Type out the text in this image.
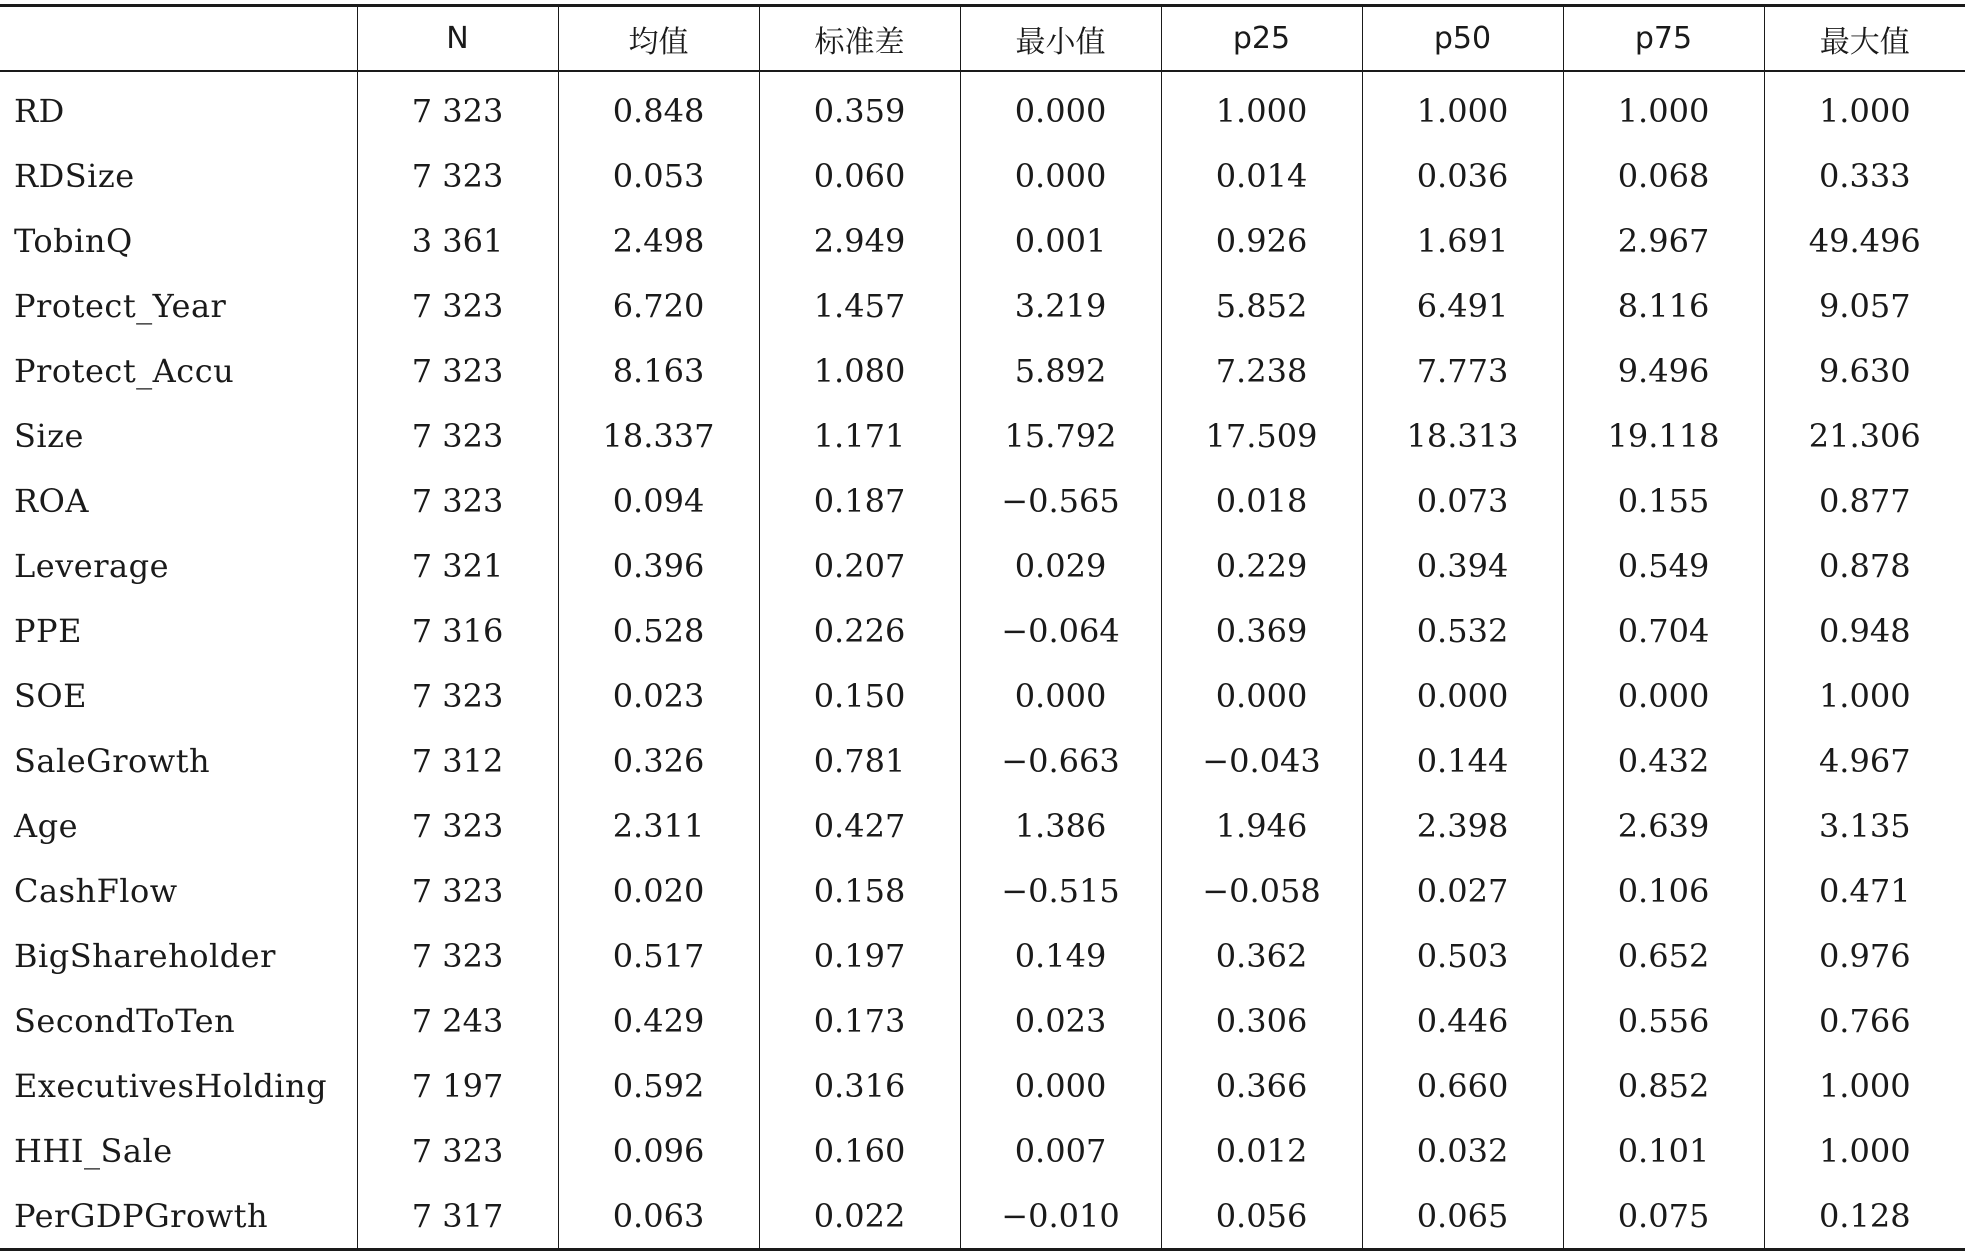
	N	均值	标准差	最小值	p25	p50	p75	最大值
RD	7 323	0.848	0.359	0.000	1.000	1.000	1.000	1.000
RDSize	7 323	0.053	0.060	0.000	0.014	0.036	0.068	0.333
TobinQ	3 361	2.498	2.949	0.001	0.926	1.691	2.967	49.496
Protect_Year	7 323	6.720	1.457	3.219	5.852	6.491	8.116	9.057
Protect_Accu	7 323	8.163	1.080	5.892	7.238	7.773	9.496	9.630
Size	7 323	18.337	1.171	15.792	17.509	18.313	19.118	21.306
ROA	7 323	0.094	0.187	−0.565	0.018	0.073	0.155	0.877
Leverage	7 321	0.396	0.207	0.029	0.229	0.394	0.549	0.878
PPE	7 316	0.528	0.226	−0.064	0.369	0.532	0.704	0.948
SOE	7 323	0.023	0.150	0.000	0.000	0.000	0.000	1.000
SaleGrowth	7 312	0.326	0.781	−0.663	−0.043	0.144	0.432	4.967
Age	7 323	2.311	0.427	1.386	1.946	2.398	2.639	3.135
CashFlow	7 323	0.020	0.158	−0.515	−0.058	0.027	0.106	0.471
BigShareholder	7 323	0.517	0.197	0.149	0.362	0.503	0.652	0.976
SecondToTen	7 243	0.429	0.173	0.023	0.306	0.446	0.556	0.766
ExecutivesHolding	7 197	0.592	0.316	0.000	0.366	0.660	0.852	1.000
HHI_Sale	7 323	0.096	0.160	0.007	0.012	0.032	0.101	1.000
PerGDPGrowth	7 317	0.063	0.022	−0.010	0.056	0.065	0.075	0.128
